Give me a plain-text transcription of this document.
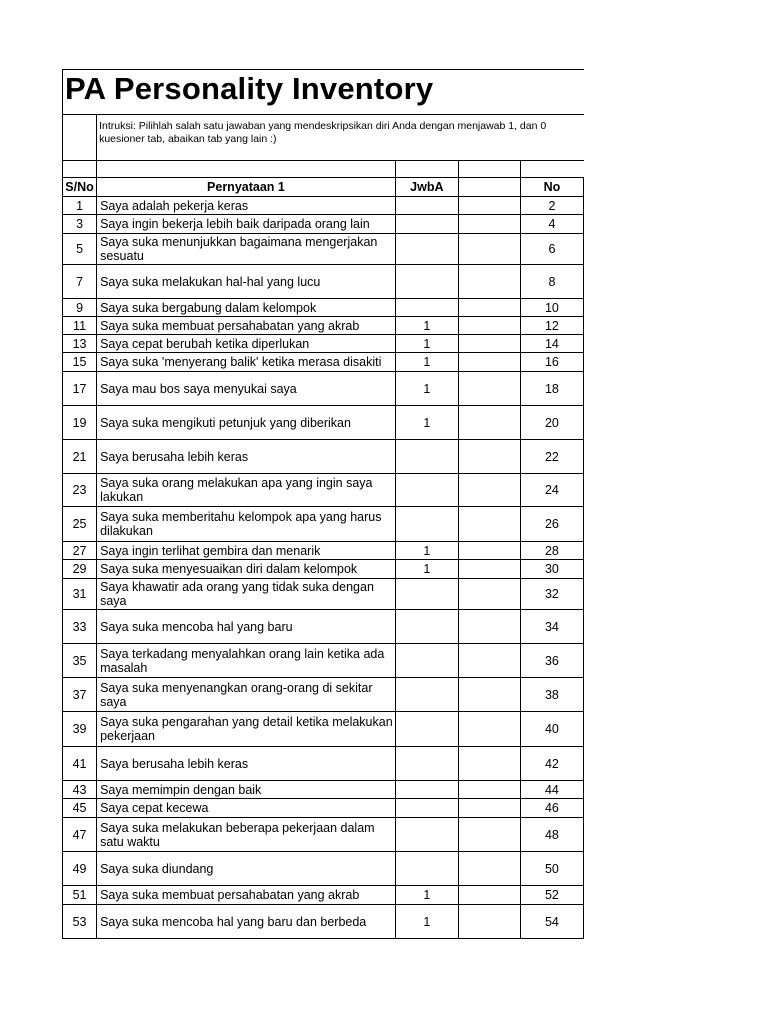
PA Personality Inventory				

	Intruksi: Pilihlah salah satu jawaban yang mendeskripsikan diri Anda dengan menjawab 1, dan 0
kuesioner tab, abaikan tab yang lain :)			

S/No	Pernyataan 1	JwbA		No
1	Saya adalah pekerja keras			2
3	Saya ingin bekerja lebih baik daripada orang lain			4
5	Saya suka menunjukkan bagaimana mengerjakan sesuatu			6
7	Saya suka melakukan hal-hal yang lucu			8
9	Saya suka bergabung dalam kelompok			10
11	Saya suka membuat persahabatan yang akrab	1		12
13	Saya cepat berubah ketika diperlukan	1		14
15	Saya suka 'menyerang balik' ketika merasa disakiti	1		16
17	Saya mau bos saya menyukai saya	1		18
19	Saya suka mengikuti petunjuk yang diberikan	1		20
21	Saya berusaha lebih keras			22
23	Saya suka orang melakukan apa yang ingin saya lakukan			24
25	Saya suka memberitahu kelompok apa yang harus dilakukan			26
27	Saya ingin terlihat gembira dan menarik	1		28
29	Saya suka menyesuaikan diri dalam kelompok	1		30
31	Saya khawatir ada orang yang tidak suka dengan saya			32
33	Saya suka mencoba hal yang baru			34
35	Saya terkadang menyalahkan orang lain ketika ada masalah			36
37	Saya suka menyenangkan orang-orang di sekitar saya			38
39	Saya suka pengarahan yang detail ketika melakukan pekerjaan			40
41	Saya berusaha lebih keras			42
43	Saya memimpin dengan baik			44
45	Saya cepat kecewa			46
47	Saya suka melakukan beberapa pekerjaan dalam satu waktu			48
49	Saya suka diundang			50
51	Saya suka membuat persahabatan yang akrab	1		52
53	Saya suka mencoba hal yang baru dan berbeda	1		54
